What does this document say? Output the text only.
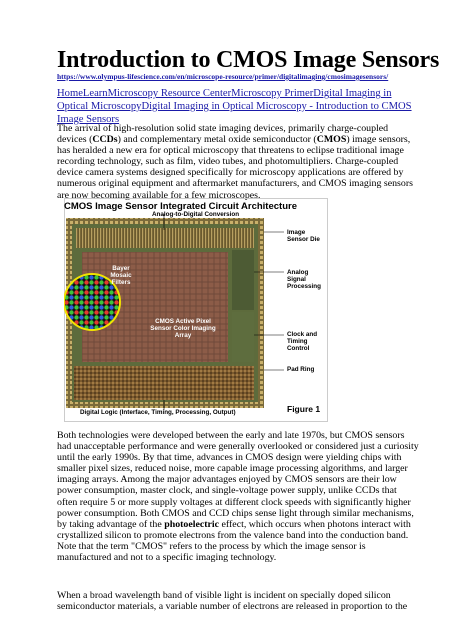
Introduction to CMOS Image Sensors

https://www.olympus-lifescience.com/en/microscope-resource/primer/digitalimaging/cmosimagesensors/

HomeLearnMicroscopy Resource CenterMicroscopy PrimerDigital Imaging in Optical MicroscopyDigital Imaging in Optical Microscopy - Introduction to CMOS Image Sensors

The arrival of high-resolution solid state imaging devices, primarily charge-coupled devices (CCDs) and complementary metal oxide semiconductor (CMOS) image sensors, has heralded a new era for optical microscopy that threatens to eclipse traditional image recording technology, such as film, video tubes, and photomultipliers. Charge-coupled device camera systems designed specifically for microscopy applications are offered by numerous original equipment and aftermarket manufacturers, and CMOS imaging sensors are now becoming available for a few microscopes.

CMOS Image Sensor Integrated Circuit Architecture

Analog-to-Digital Conversion

Image Sensor Die

Analog Signal Processing

Clock and Timing Control

Pad Ring

Bayer Mosaic Filters

CMOS Active Pixel Sensor Color Imaging Array

Digital Logic (Interface, Timing, Processing, Output)	Figure 1

Both technologies were developed between the early and late 1970s, but CMOS sensors had unacceptable performance and were generally overlooked or considered just a curiosity until the early 1990s. By that time, advances in CMOS design were yielding chips with smaller pixel sizes, reduced noise, more capable image processing algorithms, and larger imaging arrays. Among the major advantages enjoyed by CMOS sensors are their low power consumption, master clock, and single-voltage power supply, unlike CCDs that often require 5 or more supply voltages at different clock speeds with significantly higher power consumption. Both CMOS and CCD chips sense light through similar mechanisms, by taking advantage of the photoelectric effect, which occurs when photons interact with crystallized silicon to promote electrons from the valence band into the conduction band. Note that the term "CMOS" refers to the process by which the image sensor is manufactured and not to a specific imaging technology.

When a broad wavelength band of visible light is incident on specially doped silicon semiconductor materials, a variable number of electrons are released in proportion to the
